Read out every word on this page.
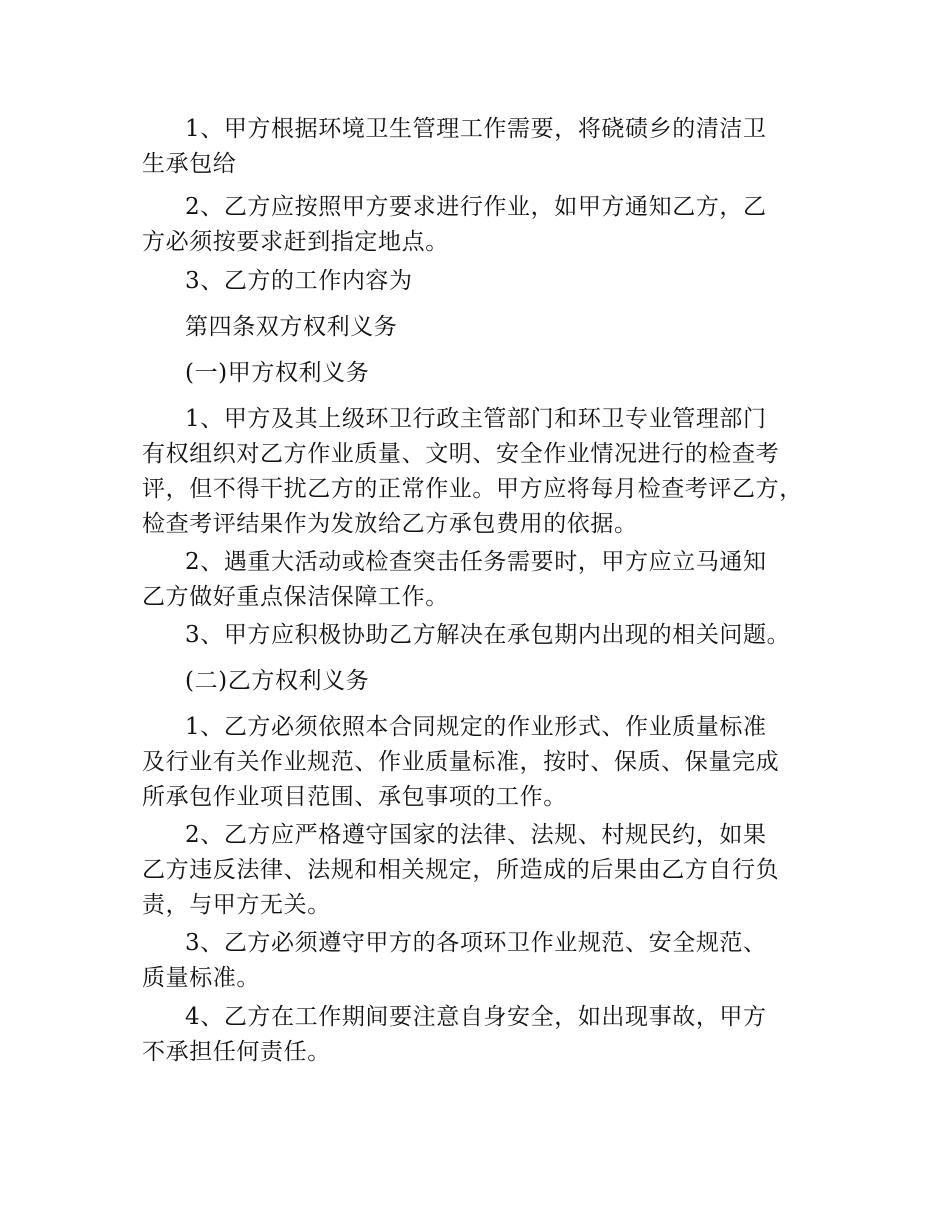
1、甲方根据环境卫生管理工作需要，将硗碛乡的清洁卫
生承包给

2、乙方应按照甲方要求进行作业，如甲方通知乙方，乙
方必须按要求赶到指定地点。

3、乙方的工作内容为

第四条双方权利义务

(一)甲方权利义务

1、甲方及其上级环卫行政主管部门和环卫专业管理部门
有权组织对乙方作业质量、文明、安全作业情况进行的检查考
评，但不得干扰乙方的正常作业。甲方应将每月检查考评乙方，
检查考评结果作为发放给乙方承包费用的依据。

2、遇重大活动或检查突击任务需要时，甲方应立马通知
乙方做好重点保洁保障工作。

3、甲方应积极协助乙方解决在承包期内出现的相关问题。

(二)乙方权利义务

1、乙方必须依照本合同规定的作业形式、作业质量标准
及行业有关作业规范、作业质量标准，按时、保质、保量完成
所承包作业项目范围、承包事项的工作。

2、乙方应严格遵守国家的法律、法规、村规民约，如果
乙方违反法律、法规和相关规定，所造成的后果由乙方自行负
责，与甲方无关。

3、乙方必须遵守甲方的各项环卫作业规范、安全规范、
质量标准。

4、乙方在工作期间要注意自身安全，如出现事故，甲方
不承担任何责任。
